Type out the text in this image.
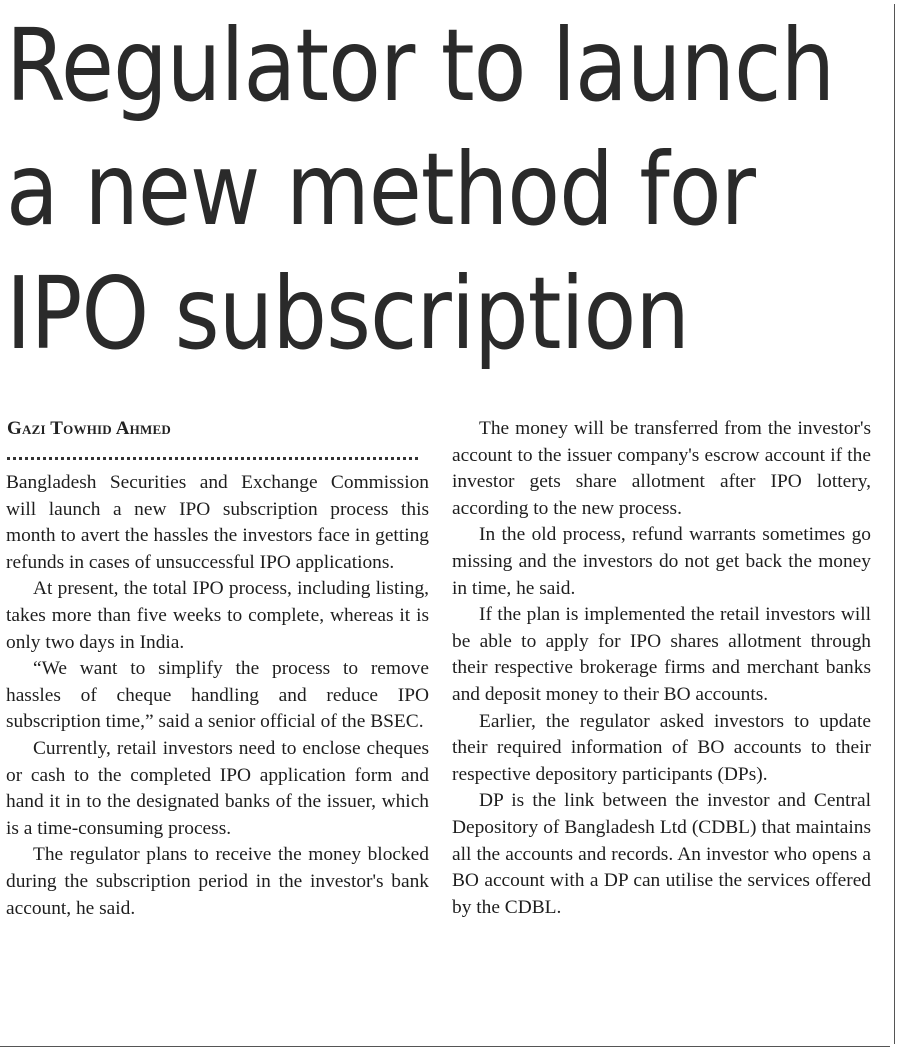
Regulator to launch
a new method for
IPO subscription
Gazi Towhid Ahmed

Bangladesh Securities and Exchange Commission will launch a new IPO subscription process this month to avert the hassles the investors face in getting refunds in cases of unsuccessful IPO applications.

At present, the total IPO process, including listing, takes more than five weeks to complete, whereas it is only two days in India.

“We want to simplify the process to remove hassles of cheque handling and reduce IPO subscription time,” said a senior official of the BSEC.

Currently, retail investors need to enclose cheques or cash to the completed IPO application form and hand it in to the designated banks of the issuer, which is a time-consuming process.

The regulator plans to receive the money blocked during the subscription period in the investor's bank account, he said.

The money will be transferred from the investor's account to the issuer company's escrow account if the investor gets share allotment after IPO lottery, according to the new process.

In the old process, refund warrants sometimes go missing and the investors do not get back the money in time, he said.

If the plan is implemented the retail investors will be able to apply for IPO shares allotment through their respective brokerage firms and merchant banks and deposit money to their BO accounts.

Earlier, the regulator asked investors to update their required information of BO accounts to their respective depository participants (DPs).

DP is the link between the investor and Central Depository of Bangladesh Ltd (CDBL) that maintains all the accounts and records. An investor who opens a BO account with a DP can utilise the services offered by the CDBL.
